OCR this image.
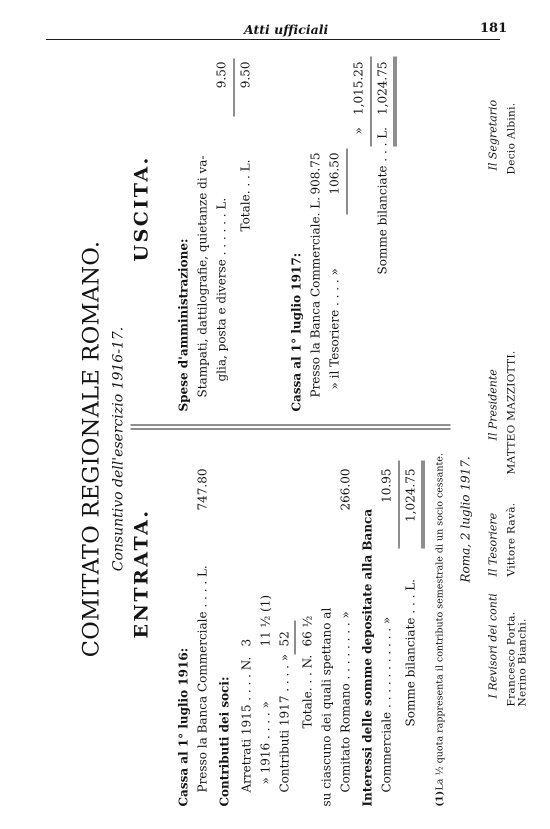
Atti ufficiali	181
COMITATO REGIONALE ROMANO. Consuntivo dell'esercizio 1916-17.
ENTRATA.
Cassa al 1° luglio 1916: Presso la Banca Commerciale . . . . L.
747.80
Contributi dei soci: Arretrati 1915 . . . . N.
3
» 1916 . . . . »
11 ½ (1)
Contributi 1917 . . . . »
52
Totale. . . N.
66 ½ su ciascuno dei quali spettano al Comitato Romano . . . . . . . . »
266.00
Interessi delle somme depositate alla Banca Commerciale . . . . . . . . . . . »
10.95
Somme bilanciate . . . L.
1,024.75
(1)
La ½ quota rappresenta il contributo semestrale di un socio cessante.
USCITA.
Spese d'amministrazione: Stampati, dattilografie, quietanze di va- glia, posta e diverse . . . . . . L.
9.50
Totale. . . L.
9.50
Cassa al 1° luglio 1917: Presso la Banca Commerciale. L.
908.75
» il Tesoriere . . . . »
106.50
»
1,015.25
Somme bilanciate . . . L.
1,024.75
Roma, 2 luglio 1917.
I Revisori dei conti
Il Tesoriere
Il Presidente
Il Segretario
Francesco Porta.
Vittore Ravà.
MATTEO MAZZIOTTI.
Decio Albini.
Nerino Bianchi.
